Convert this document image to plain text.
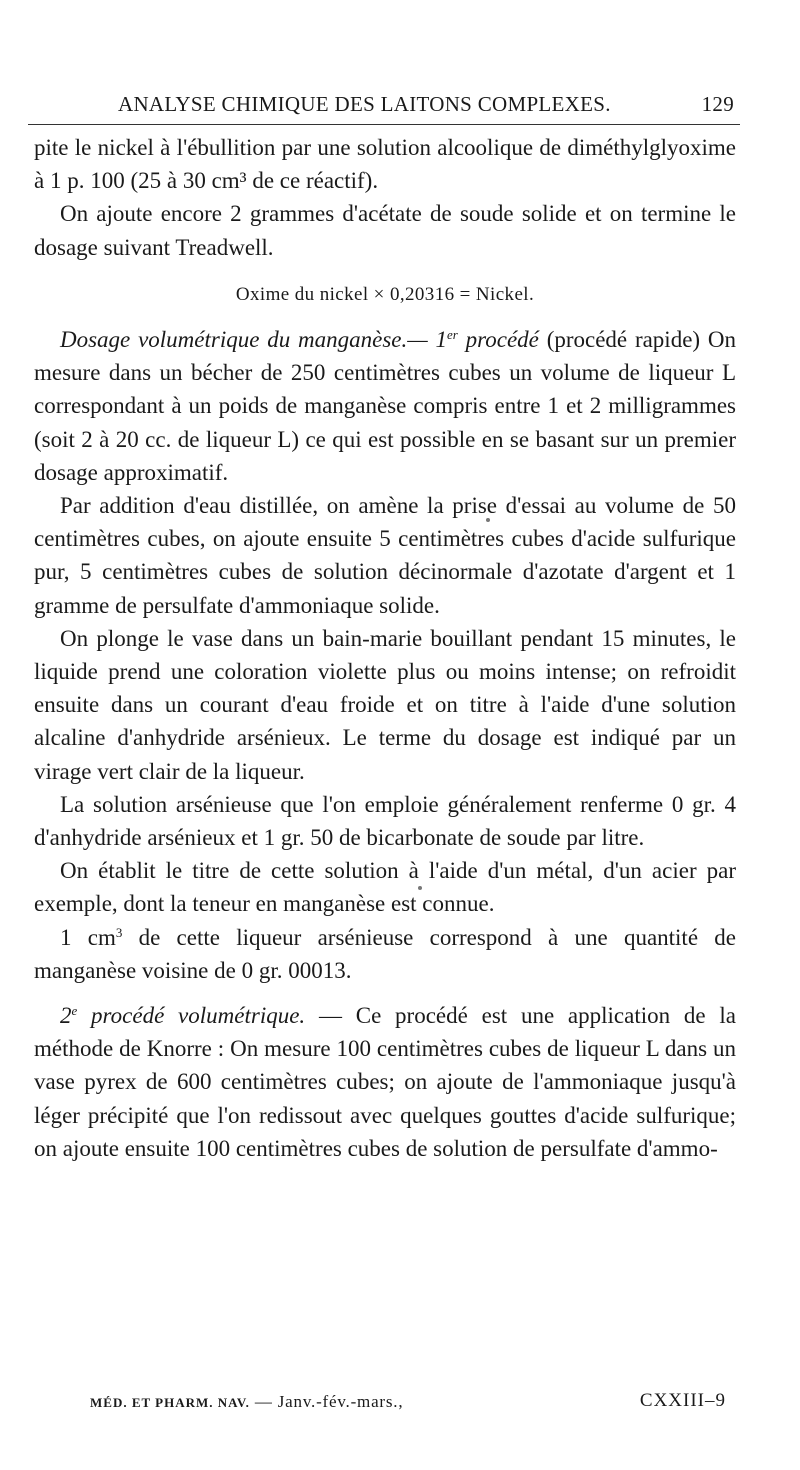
ANALYSE CHIMIQUE DES LAITONS COMPLEXES.	129

pite le nickel à l'ébullition par une solution alcoolique de diméthylglyoxime à 1 p. 100 (25 à 30 cm³ de ce réactif).

On ajoute encore 2 grammes d'acétate de soude solide et on termine le dosage suivant Treadwell.

Oxime du nickel × 0,20316 = Nickel.

Dosage volumétrique du manganèse.— 1er procédé (procédé rapide) On mesure dans un bécher de 250 centimètres cubes un volume de liqueur L correspondant à un poids de manganèse compris entre 1 et 2 milligrammes (soit 2 à 20 cc. de liqueur L) ce qui est possible en se basant sur un premier dosage approximatif.

Par addition d'eau distillée, on amène la prise d'essai au volume de 50 centimètres cubes, on ajoute ensuite 5 centimètres cubes d'acide sulfurique pur, 5 centimètres cubes de solution décinormale d'azotate d'argent et 1 gramme de persulfate d'ammoniaque solide.

On plonge le vase dans un bain-marie bouillant pendant 15 minutes, le liquide prend une coloration violette plus ou moins intense; on refroidit ensuite dans un courant d'eau froide et on titre à l'aide d'une solution alcaline d'anhydride arsénieux. Le terme du dosage est indiqué par un virage vert clair de la liqueur.

La solution arsénieuse que l'on emploie généralement renferme 0 gr. 4 d'anhydride arsénieux et 1 gr. 50 de bicarbonate de soude par litre.

On établit le titre de cette solution à l'aide d'un métal, d'un acier par exemple, dont la teneur en manganèse est connue.

1 $cm^3$ de cette liqueur arsénieuse correspond à une quantité de manganèse voisine de 0 gr. 00013.

2e procédé volumétrique. — Ce procédé est une application de la méthode de Knorre : On mesure 100 centimètres cubes de liqueur L dans un vase pyrex de 600 centimètres cubes; on ajoute de l'ammoniaque jusqu'à léger précipité que l'on redissout avec quelques gouttes d'acide sulfurique; on ajoute ensuite 100 centimètres cubes de solution de persulfate d'ammo-

MÉD. ET PHARM. NAV. — Janv.-fév.-mars.,	CXXIII–9
